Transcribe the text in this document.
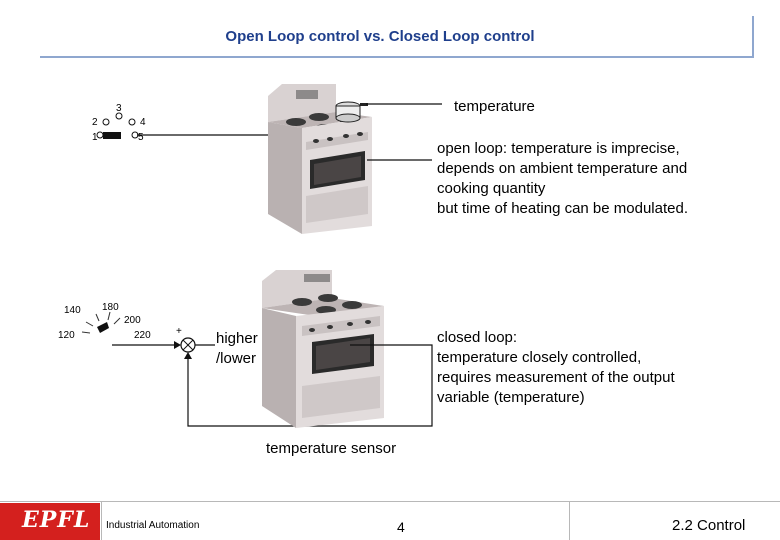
Open Loop control vs. Closed Loop control
3
2	4
1	5
temperature
open loop: temperature is imprecise,
depends on ambient temperature and
cooking quantity
but time of heating can be modulated.
140 180
200
120	220	+ higher
/lower
closed loop:
temperature closely controlled,
requires measurement of the output
variable (temperature)
temperature sensor
EPFL Industrial Automation	4	2.2 Control
